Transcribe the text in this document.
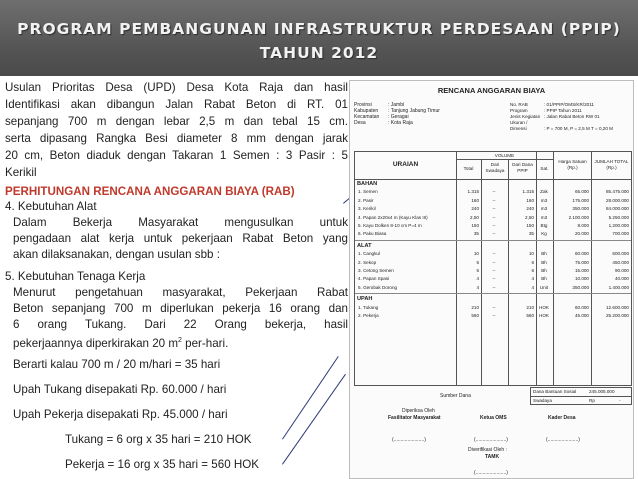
PROGRAM PEMBANGUNAN INFRASTRUKTUR PERDESAAN (PPIP)
TAHUN 2012

Usulan Prioritas Desa (UPD) Desa Kota Raja dan hasil

Identifikasi akan dibangun Jalan Rabat Beton di RT. 01

sepanjang 700 m dengan lebar 2,5 m dan tebal 15 cm.

serta dipasang Rangka Besi diameter 8 mm dengan jarak

20 cm, Beton diaduk dengan Takaran 1 Semen : 3 Pasir : 5

Kerikil

PERHITUNGAN RENCANA ANGGARAN BIAYA (RAB)

4. Kebutuhan Alat

Dalam Bekerja Masyarakat mengusulkan untuk

pengadaan alat kerja untuk pekerjaan Rabat Beton yang

akan dilaksanakan, dengan usulan sbb :

5. Kebutuhan Tenaga Kerja

Menurut pengetahuan masyarakat, Pekerjaan Rabat

Beton sepanjang 700 m diperlukan pekerja 16 orang dan

6 orang Tukang. Dari 22 Orang bekerja, hasil

pekerjaannya diperkirakan 20 $m^2$ per-hari.

Berarti kalau 700 m / 20 m/hari = 35 hari

Upah Tukang disepakati Rp. 60.000 / hari

Upah Pekerja disepakati Rp. 45.000 / hari

Tukang = 6 org x 35 hari = 210 HOK

Pekerja = 16 org x 35 hari = 560 HOK

RENCANA ANGGARAN BIAYA
Provinsi	: Jambi
Kabupaten : Tanjung Jabung Timur
Kecamatan : Geragai
Desa	: Kota Raja
No. RAB	: 01/PPIP/OMS/KR/2011
Program	: PPIP Tahun 2011
Jenis Kegiatan : Jalan Rabat Beton RW 01
Ukuran / Dimensi	: P = 700 M, P = 2,5 M T = 0,20 M
URAIAN
VOLUME
Total
Dari Swadaya
Dari Dana PPIP	Sat.
Harga Satuan (Rp.)
JUMLAH TOTAL (Rp.)
BAHAN
1. Semen	1.315	--	1.315	Zak	65.000	85.475.000
2. Pasir	160	--	160	m3	175.000	28.000.000
3. Kerikil	240	--	240	m3	350.000	84.000.000
4. Papan 2x20x4 m (Kayu Klas III)	2,50	--	2,50	m3	2.100.000	5.250.000
5. Kayu Dolken 8-10 cm P=4 m	150	--	150	Btg	8.000	1.200.000
6. Paku Biasa	35	--	35	Kg	20.000	700.000
ALAT
1. Cangkul	10	--	10	Bh	60.000	600.000
2. Sekop	6	--	6	Bh	75.000	450.000
3. Cetong Semen	6	--	6	Bh	15.000	90.000
4. Papan Spasi	4	--	4	Bh	10.000	40.000
5. Gerobak Dorong	4	--	4	Unit	350.000	1.400.000
UPAH
1. Tukang	210	--	210	HOK	60.000	12.600.000
2. Pekerja	560	--	560	HOK	45.000	25.200.000
Sumber Dana
Dana Bantuan Sosial	245.005.000
Swadaya	Rp	-
Diperiksa Oleh
Fasilitator Masyarakat	Ketua OMS	Kader Desa
(......................)	(......................)	(......................)
Diverifikasi Oleh :
TAMK
(......................)
